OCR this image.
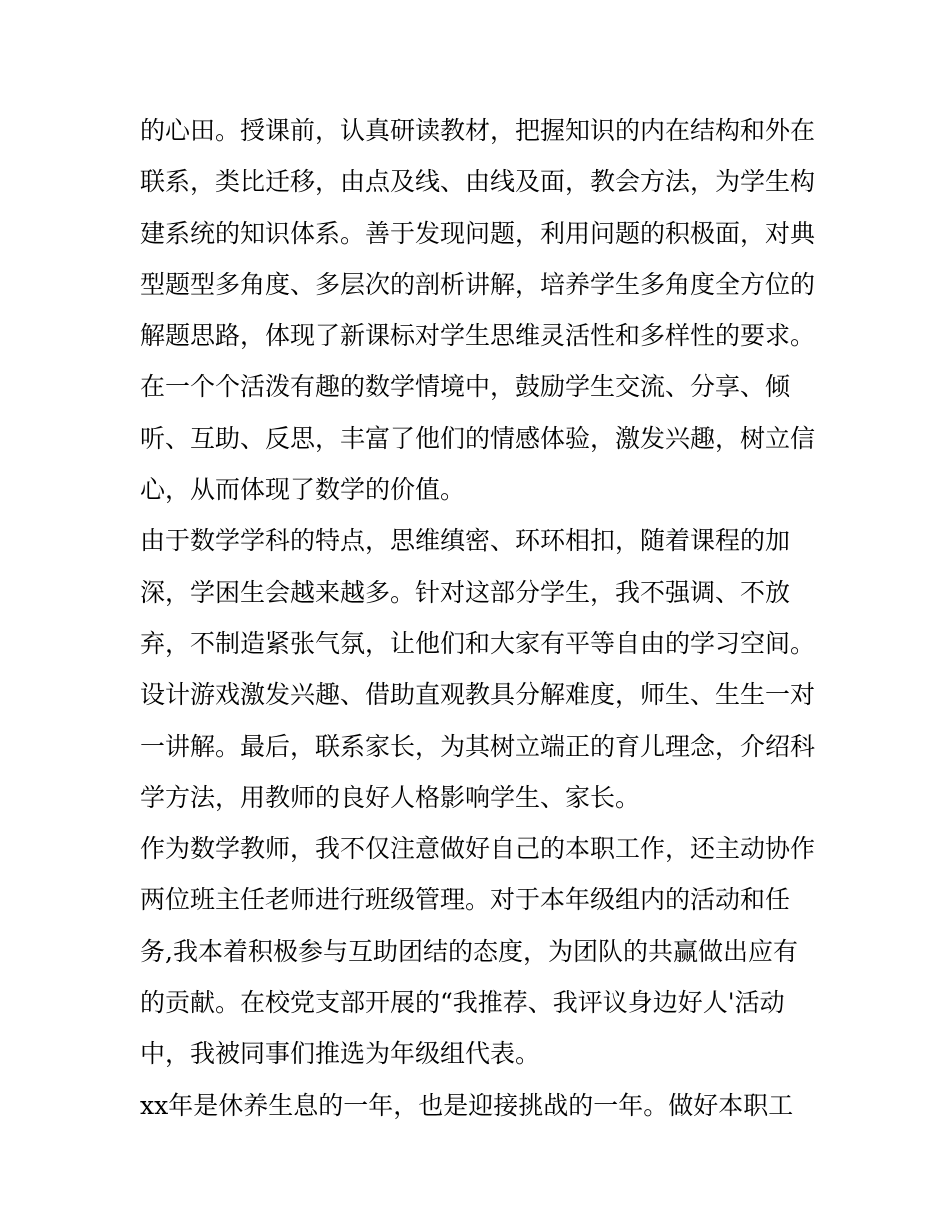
的心田。授课前，认真研读教材，把握知识的内在结构和外在
联系，类比迁移，由点及线、由线及面，教会方法，为学生构
建系统的知识体系。善于发现问题，利用问题的积极面，对典
型题型多角度、多层次的剖析讲解，培养学生多角度全方位的
解题思路，体现了新课标对学生思维灵活性和多样性的要求。
在一个个活泼有趣的数学情境中，鼓励学生交流、分享、倾
听、互助、反思，丰富了他们的情感体验，激发兴趣，树立信
心，从而体现了数学的价值。
由于数学学科的特点，思维缜密、环环相扣，随着课程的加
深，学困生会越来越多。针对这部分学生，我不强调、不放
弃，不制造紧张气氛，让他们和大家有平等自由的学习空间。
设计游戏激发兴趣、借助直观教具分解难度，师生、生生一对
一讲解。最后，联系家长，为其树立端正的育儿理念，介绍科
学方法，用教师的良好人格影响学生、家长。
作为数学教师，我不仅注意做好自己的本职工作，还主动协作
两位班主任老师进行班级管理。对于本年级组内的活动和任
务,我本着积极参与互助团结的态度，为团队的共赢做出应有
的贡献。在校党支部开展的“我推荐、我评议身边好人'活动
中，我被同事们推选为年级组代表。
xx年是休养生息的一年，也是迎接挑战的一年。做好本职工
